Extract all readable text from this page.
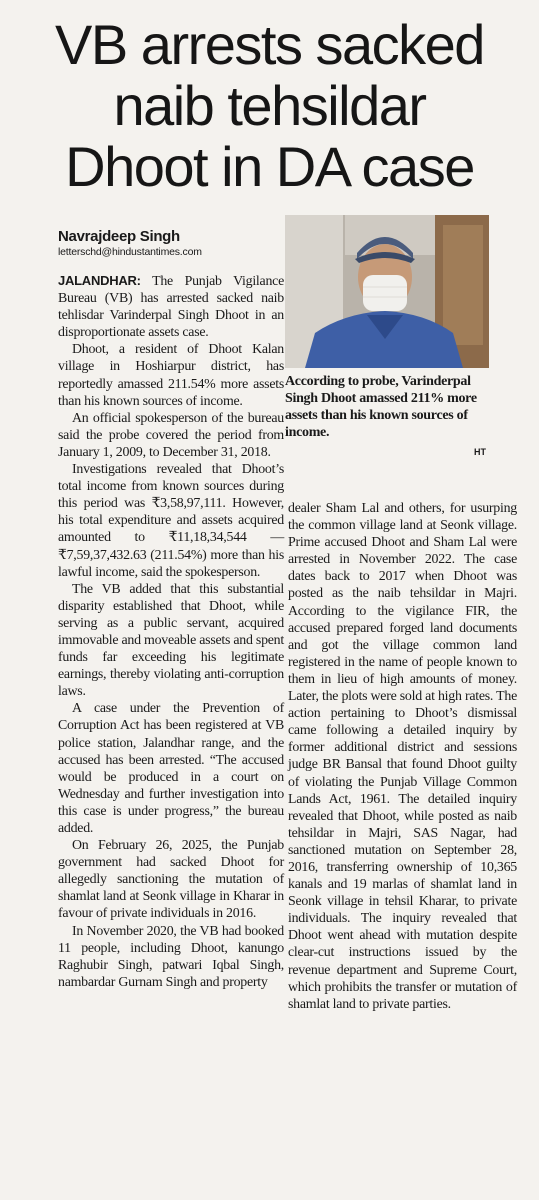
VB arrests sacked
naib tehsildar
Dhoot in DA case
Navrajdeep Singh
letterschd@hindustantimes.com
According to probe, Varinderpal Singh Dhoot amassed 211% more assets than his known sources of income.
HT

JALANDHAR: The Punjab Vigilance Bureau (VB) has arrested sacked naib tehlisdar Varinderpal Singh Dhoot in an disproportionate assets case.

Dhoot, a resident of Dhoot Kalan village in Hoshiarpur district, has reportedly amassed 211.54% more assets than his known sources of income.

An official spokesperson of the bureau said the probe covered the period from January 1, 2009, to December 31, 2018.

Investigations revealed that Dhoot’s total income from known sources during this period was ₹3,58,97,111. However, his total expenditure and assets acquired amounted to ₹11,18,34,544 — ₹7,59,37,432.63 (211.54%) more than his lawful income, said the spokesperson.

The VB added that this substantial disparity established that Dhoot, while serving as a public servant, acquired immovable and moveable assets and spent funds far exceeding his legitimate earnings, thereby violating anti-corruption laws.

A case under the Prevention of Corruption Act has been registered at VB police station, Jalandhar range, and the accused has been arrested. “The accused would be produced in a court on Wednesday and further investigation into this case is under progress,” the bureau added.

On February 26, 2025, the Punjab government had sacked Dhoot for allegedly sanctioning the mutation of shamlat land at Seonk village in Kharar in favour of private individuals in 2016.

In November 2020, the VB had booked 11 people, including Dhoot, kanungo Raghubir Singh, patwari Iqbal Singh, nambardar Gurnam Singh and property

dealer Sham Lal and others, for usurping the common village land at Seonk village. Prime accused Dhoot and Sham Lal were arrested in November 2022. The case dates back to 2017 when Dhoot was posted as the naib tehsildar in Majri. According to the vigilance FIR, the accused prepared forged land documents and got the village common land registered in the name of people known to them in lieu of high amounts of money. Later, the plots were sold at high rates. The action pertaining to Dhoot’s dismissal came following a detailed inquiry by former additional district and sessions judge BR Bansal that found Dhoot guilty of violating the Punjab Village Common Lands Act, 1961. The detailed inquiry revealed that Dhoot, while posted as naib tehsildar in Majri, SAS Nagar, had sanctioned mutation on September 28, 2016, transferring ownership of 10,365 kanals and 19 marlas of shamlat land in Seonk village in tehsil Kharar, to private individuals. The inquiry revealed that Dhoot went ahead with mutation despite clear-cut instructions issued by the revenue department and Supreme Court, which prohibits the transfer or mutation of shamlat land to private parties.
